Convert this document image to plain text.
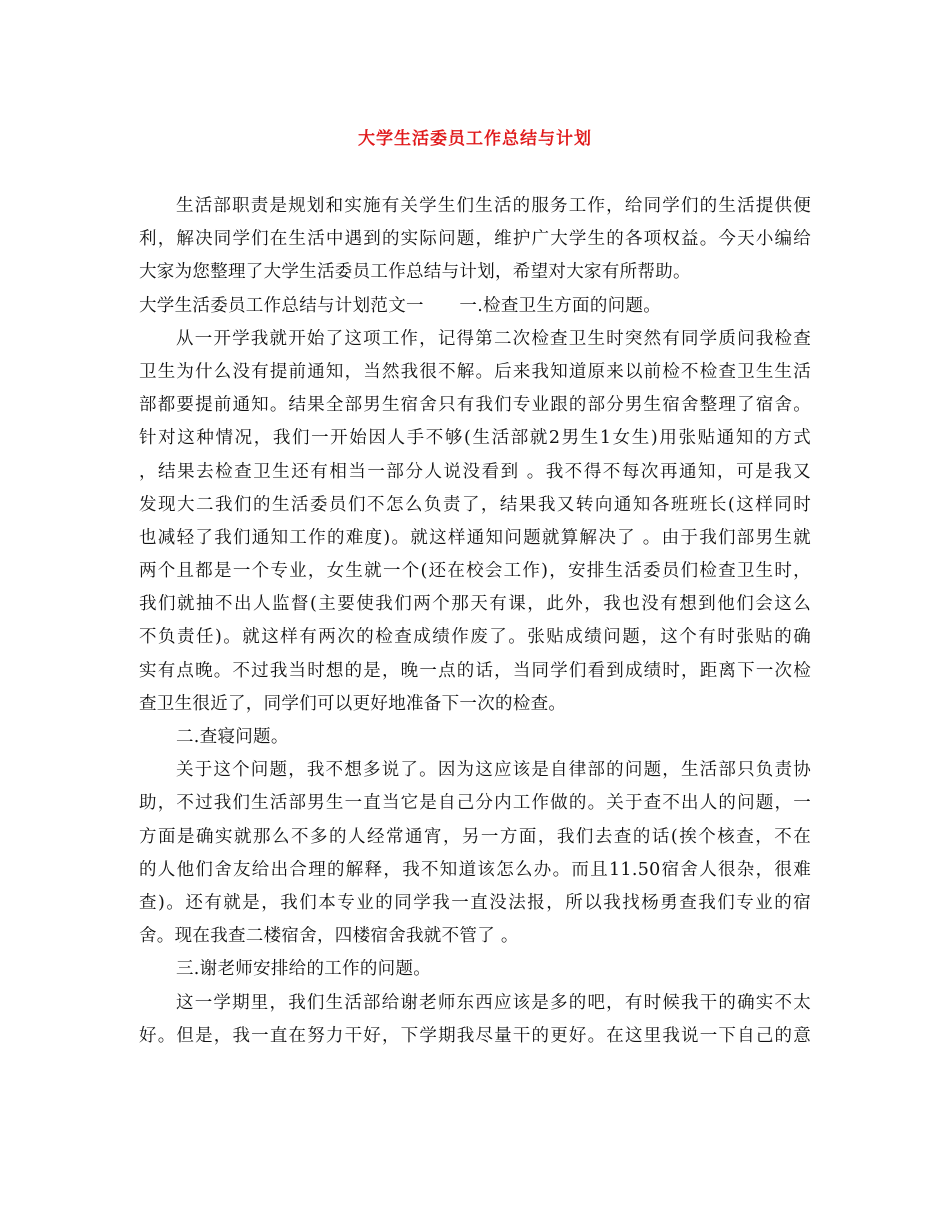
大学生活委员工作总结与计划
生活部职责是规划和实施有关学生们生活的服务工作，给同学们的生活提供便
利，解决同学们在生活中遇到的实际问题，维护广大学生的各项权益。今天小编给
大家为您整理了大学生活委员工作总结与计划，希望对大家有所帮助。
大学生活委员工作总结与计划范文一　　一.检查卫生方面的问题。
从一开学我就开始了这项工作，记得第二次检查卫生时突然有同学质问我检查
卫生为什么没有提前通知，当然我很不解。后来我知道原来以前检不检查卫生生活
部都要提前通知。结果全部男生宿舍只有我们专业跟的部分男生宿舍整理了宿舍。
针对这种情况，我们一开始因人手不够(生活部就2男生1女生)用张贴通知的方式
，结果去检查卫生还有相当一部分人说没看到 。我不得不每次再通知，可是我又
发现大二我们的生活委员们不怎么负责了，结果我又转向通知各班班长(这样同时
也减轻了我们通知工作的难度)。就这样通知问题就算解决了 。由于我们部男生就
两个且都是一个专业，女生就一个(还在校会工作)，安排生活委员们检查卫生时，
我们就抽不出人监督(主要使我们两个那天有课，此外，我也没有想到他们会这么
不负责任)。就这样有两次的检查成绩作废了。张贴成绩问题，这个有时张贴的确
实有点晚。不过我当时想的是，晚一点的话，当同学们看到成绩时，距离下一次检
查卫生很近了，同学们可以更好地准备下一次的检查。
二.查寝问题。
关于这个问题，我不想多说了。因为这应该是自律部的问题，生活部只负责协
助，不过我们生活部男生一直当它是自己分内工作做的。关于查不出人的问题，一
方面是确实就那么不多的人经常通宵，另一方面，我们去查的话(挨个核查，不在
的人他们舍友给出合理的解释，我不知道该怎么办。而且11.50宿舍人很杂，很难
查)。还有就是，我们本专业的同学我一直没法报，所以我找杨勇查我们专业的宿
舍。现在我查二楼宿舍，四楼宿舍我就不管了 。
三.谢老师安排给的工作的问题。
这一学期里，我们生活部给谢老师东西应该是多的吧，有时候我干的确实不太
好。但是，我一直在努力干好，下学期我尽量干的更好。在这里我说一下自己的意
